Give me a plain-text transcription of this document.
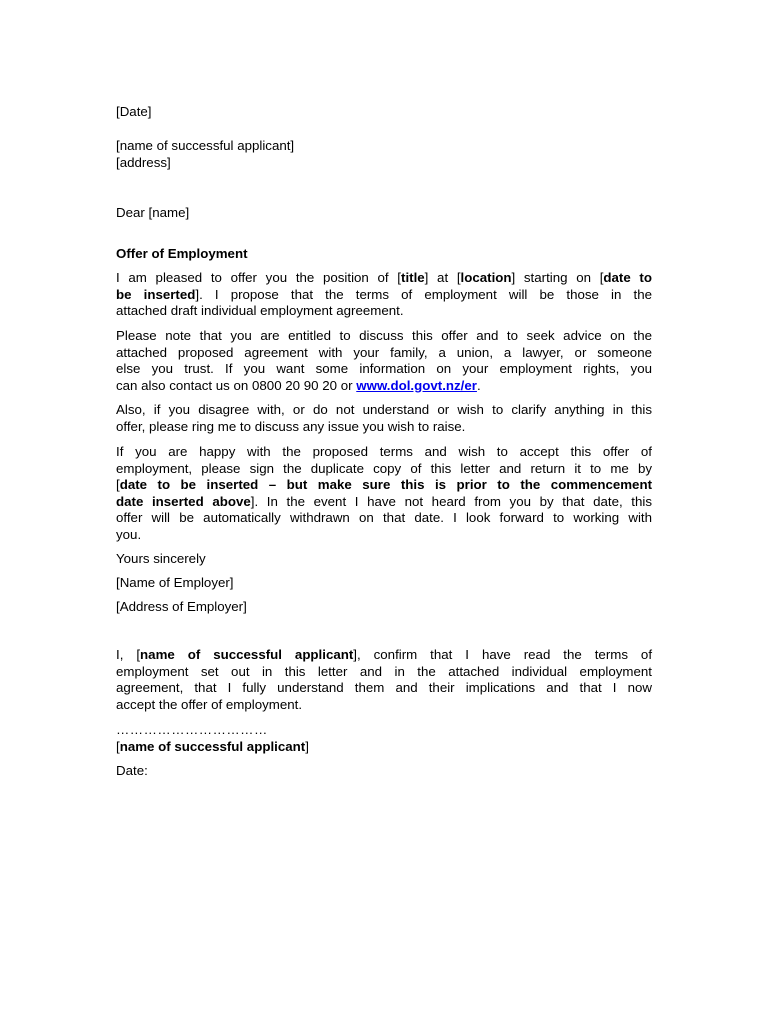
[Date]

[name of successful applicant]
[address]

Dear [name]

Offer of Employment

I am pleased to offer you the position of [title] at [location] starting on [date to
be inserted]. I propose that the terms of employment will be those in the
attached draft individual employment agreement.
Please note that you are entitled to discuss this offer and to seek advice on the
attached proposed agreement with your family, a union, a lawyer, or someone
else you trust. If you want some information on your employment rights, you
can also contact us on 0800 20 90 20 or www.dol.govt.nz/er.
Also, if you disagree with, or do not understand or wish to clarify anything in this
offer, please ring me to discuss any issue you wish to raise.
If you are happy with the proposed terms and wish to accept this offer of
employment, please sign the duplicate copy of this letter and return it to me by
[date to be inserted – but make sure this is prior to the commencement
date inserted above]. In the event I have not heard from you by that date, this
offer will be automatically withdrawn on that date. I look forward to working with
you.

Yours sincerely

[Name of Employer]

[Address of Employer]

I, [name of successful applicant], confirm that I have read the terms of
employment set out in this letter and in the attached individual employment
agreement, that I fully understand them and their implications and that I now
accept the offer of employment.
……………………………
[name of successful applicant]

Date:
